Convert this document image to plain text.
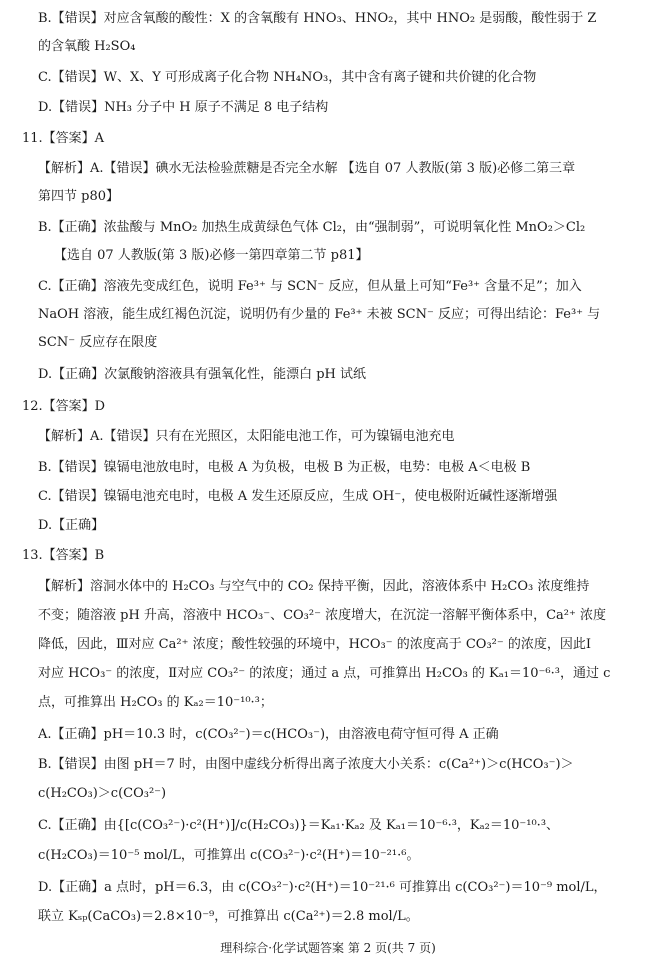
B.【错误】对应含氧酸的酸性：X 的含氧酸有 HNO₃、HNO₂，其中 HNO₂ 是弱酸，酸性弱于 Z
的含氧酸 H₂SO₄
C.【错误】W、X、Y 可形成离子化合物 NH₄NO₃，其中含有离子键和共价键的化合物
D.【错误】NH₃ 分子中 H 原子不满足 8 电子结构
11.【答案】A
【解析】A.【错误】碘水无法检验蔗糖是否完全水解 【选自 07 人教版(第 3 版)必修二第三章
第四节 p80】
B.【正确】浓盐酸与 MnO₂ 加热生成黄绿色气体 Cl₂，由“强制弱”，可说明氧化性 MnO₂＞Cl₂
【选自 07 人教版(第 3 版)必修一第四章第二节 p81】
C.【正确】溶液先变成红色，说明 Fe³⁺ 与 SCN⁻ 反应，但从量上可知“Fe³⁺ 含量不足”；加入
NaOH 溶液，能生成红褐色沉淀，说明仍有少量的 Fe³⁺ 未被 SCN⁻ 反应；可得出结论：Fe³⁺ 与
SCN⁻ 反应存在限度
D.【正确】次氯酸钠溶液具有强氧化性，能漂白 pH 试纸
12.【答案】D
【解析】A.【错误】只有在光照区，太阳能电池工作，可为镍镉电池充电
B.【错误】镍镉电池放电时，电极 A 为负极，电极 B 为正极，电势：电极 A＜电极 B
C.【错误】镍镉电池充电时，电极 A 发生还原反应，生成 OH⁻，使电极附近碱性逐渐增强
D.【正确】
13.【答案】B
【解析】溶洞水体中的 H₂CO₃ 与空气中的 CO₂ 保持平衡，因此，溶液体系中 H₂CO₃ 浓度维持
不变；随溶液 pH 升高，溶液中 HCO₃⁻、CO₃²⁻ 浓度增大，在沉淀一溶解平衡体系中，Ca²⁺ 浓度
降低，因此，Ⅲ对应 Ca²⁺ 浓度；酸性较强的环境中，HCO₃⁻ 的浓度高于 CO₃²⁻ 的浓度，因此Ⅰ
对应 HCO₃⁻ 的浓度，Ⅱ对应 CO₃²⁻ 的浓度；通过 a 点，可推算出 H₂CO₃ 的 Kₐ₁＝10⁻⁶·³，通过 c
点，可推算出 H₂CO₃ 的 Kₐ₂＝10⁻¹⁰·³；
A.【正确】pH＝10.3 时，c(CO₃²⁻)＝c(HCO₃⁻)，由溶液电荷守恒可得 A 正确
B.【错误】由图 pH＝7 时，由图中虚线分析得出离子浓度大小关系：c(Ca²⁺)＞c(HCO₃⁻)＞
c(H₂CO₃)＞c(CO₃²⁻)
C.【正确】由{[c(CO₃²⁻)·c²(H⁺)]/c(H₂CO₃)}＝Kₐ₁·Kₐ₂ 及 Kₐ₁＝10⁻⁶·³，Kₐ₂＝10⁻¹⁰·³、
c(H₂CO₃)＝10⁻⁵ mol/L，可推算出 c(CO₃²⁻)·c²(H⁺)＝10⁻²¹·⁶。
D.【正确】a 点时，pH＝6.3，由 c(CO₃²⁻)·c²(H⁺)＝10⁻²¹·⁶ 可推算出 c(CO₃²⁻)＝10⁻⁹ mol/L，
联立 Kₛₚ(CaCO₃)＝2.8×10⁻⁹，可推算出 c(Ca²⁺)＝2.8 mol/L。
理科综合·化学试题答案 第 2 页(共 7 页)
